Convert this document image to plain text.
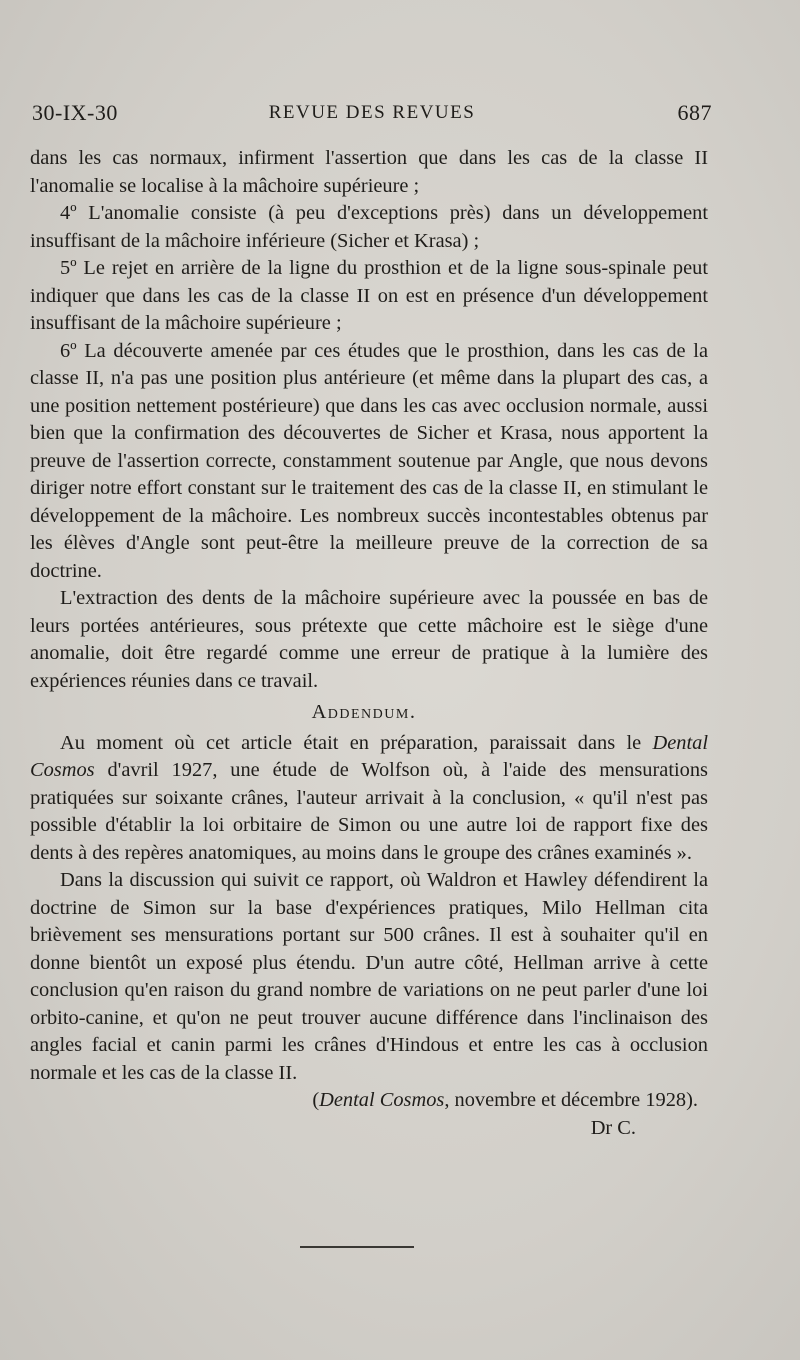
30-IX-30	REVUE DES REVUES	687

dans les cas normaux, infirment l'assertion que dans les cas de la classe II l'anomalie se localise à la mâchoire supérieure ;

4º L'anomalie consiste (à peu d'exceptions près) dans un développement insuffisant de la mâchoire inférieure (Sicher et Krasa) ;

5º Le rejet en arrière de la ligne du prosthion et de la ligne sous-spinale peut indiquer que dans les cas de la classe II on est en présence d'un développement insuffisant de la mâchoire supérieure ;

6º La découverte amenée par ces études que le prosthion, dans les cas de la classe II, n'a pas une position plus antérieure (et même dans la plupart des cas, a une position nettement postérieure) que dans les cas avec occlusion normale, aussi bien que la confirmation des découvertes de Sicher et Krasa, nous apportent la preuve de l'assertion correcte, constamment soutenue par Angle, que nous devons diriger notre effort constant sur le traitement des cas de la classe II, en stimulant le développement de la mâchoire. Les nombreux succès incontestables obtenus par les élèves d'Angle sont peut-être la meilleure preuve de la correction de sa doctrine.

L'extraction des dents de la mâchoire supérieure avec la poussée en bas de leurs portées antérieures, sous prétexte que cette mâchoire est le siège d'une anomalie, doit être regardé comme une erreur de pratique à la lumière des expériences réunies dans ce travail.

Addendum.

Au moment où cet article était en préparation, paraissait dans le Dental Cosmos d'avril 1927, une étude de Wolfson où, à l'aide des mensurations pratiquées sur soixante crânes, l'auteur arrivait à la conclusion, « qu'il n'est pas possible d'établir la loi orbitaire de Simon ou une autre loi de rapport fixe des dents à des repères anatomiques, au moins dans le groupe des crânes examinés ».

Dans la discussion qui suivit ce rapport, où Waldron et Hawley défendirent la doctrine de Simon sur la base d'expériences pratiques, Milo Hellman cita brièvement ses mensurations portant sur 500 crânes. Il est à souhaiter qu'il en donne bientôt un exposé plus étendu. D'un autre côté, Hellman arrive à cette conclusion qu'en raison du grand nombre de variations on ne peut parler d'une loi orbito-canine, et qu'on ne peut trouver aucune différence dans l'inclinaison des angles facial et canin parmi les crânes d'Hindous et entre les cas à occlusion normale et les cas de la classe II.

(Dental Cosmos, novembre et décembre 1928).

Dr C.
